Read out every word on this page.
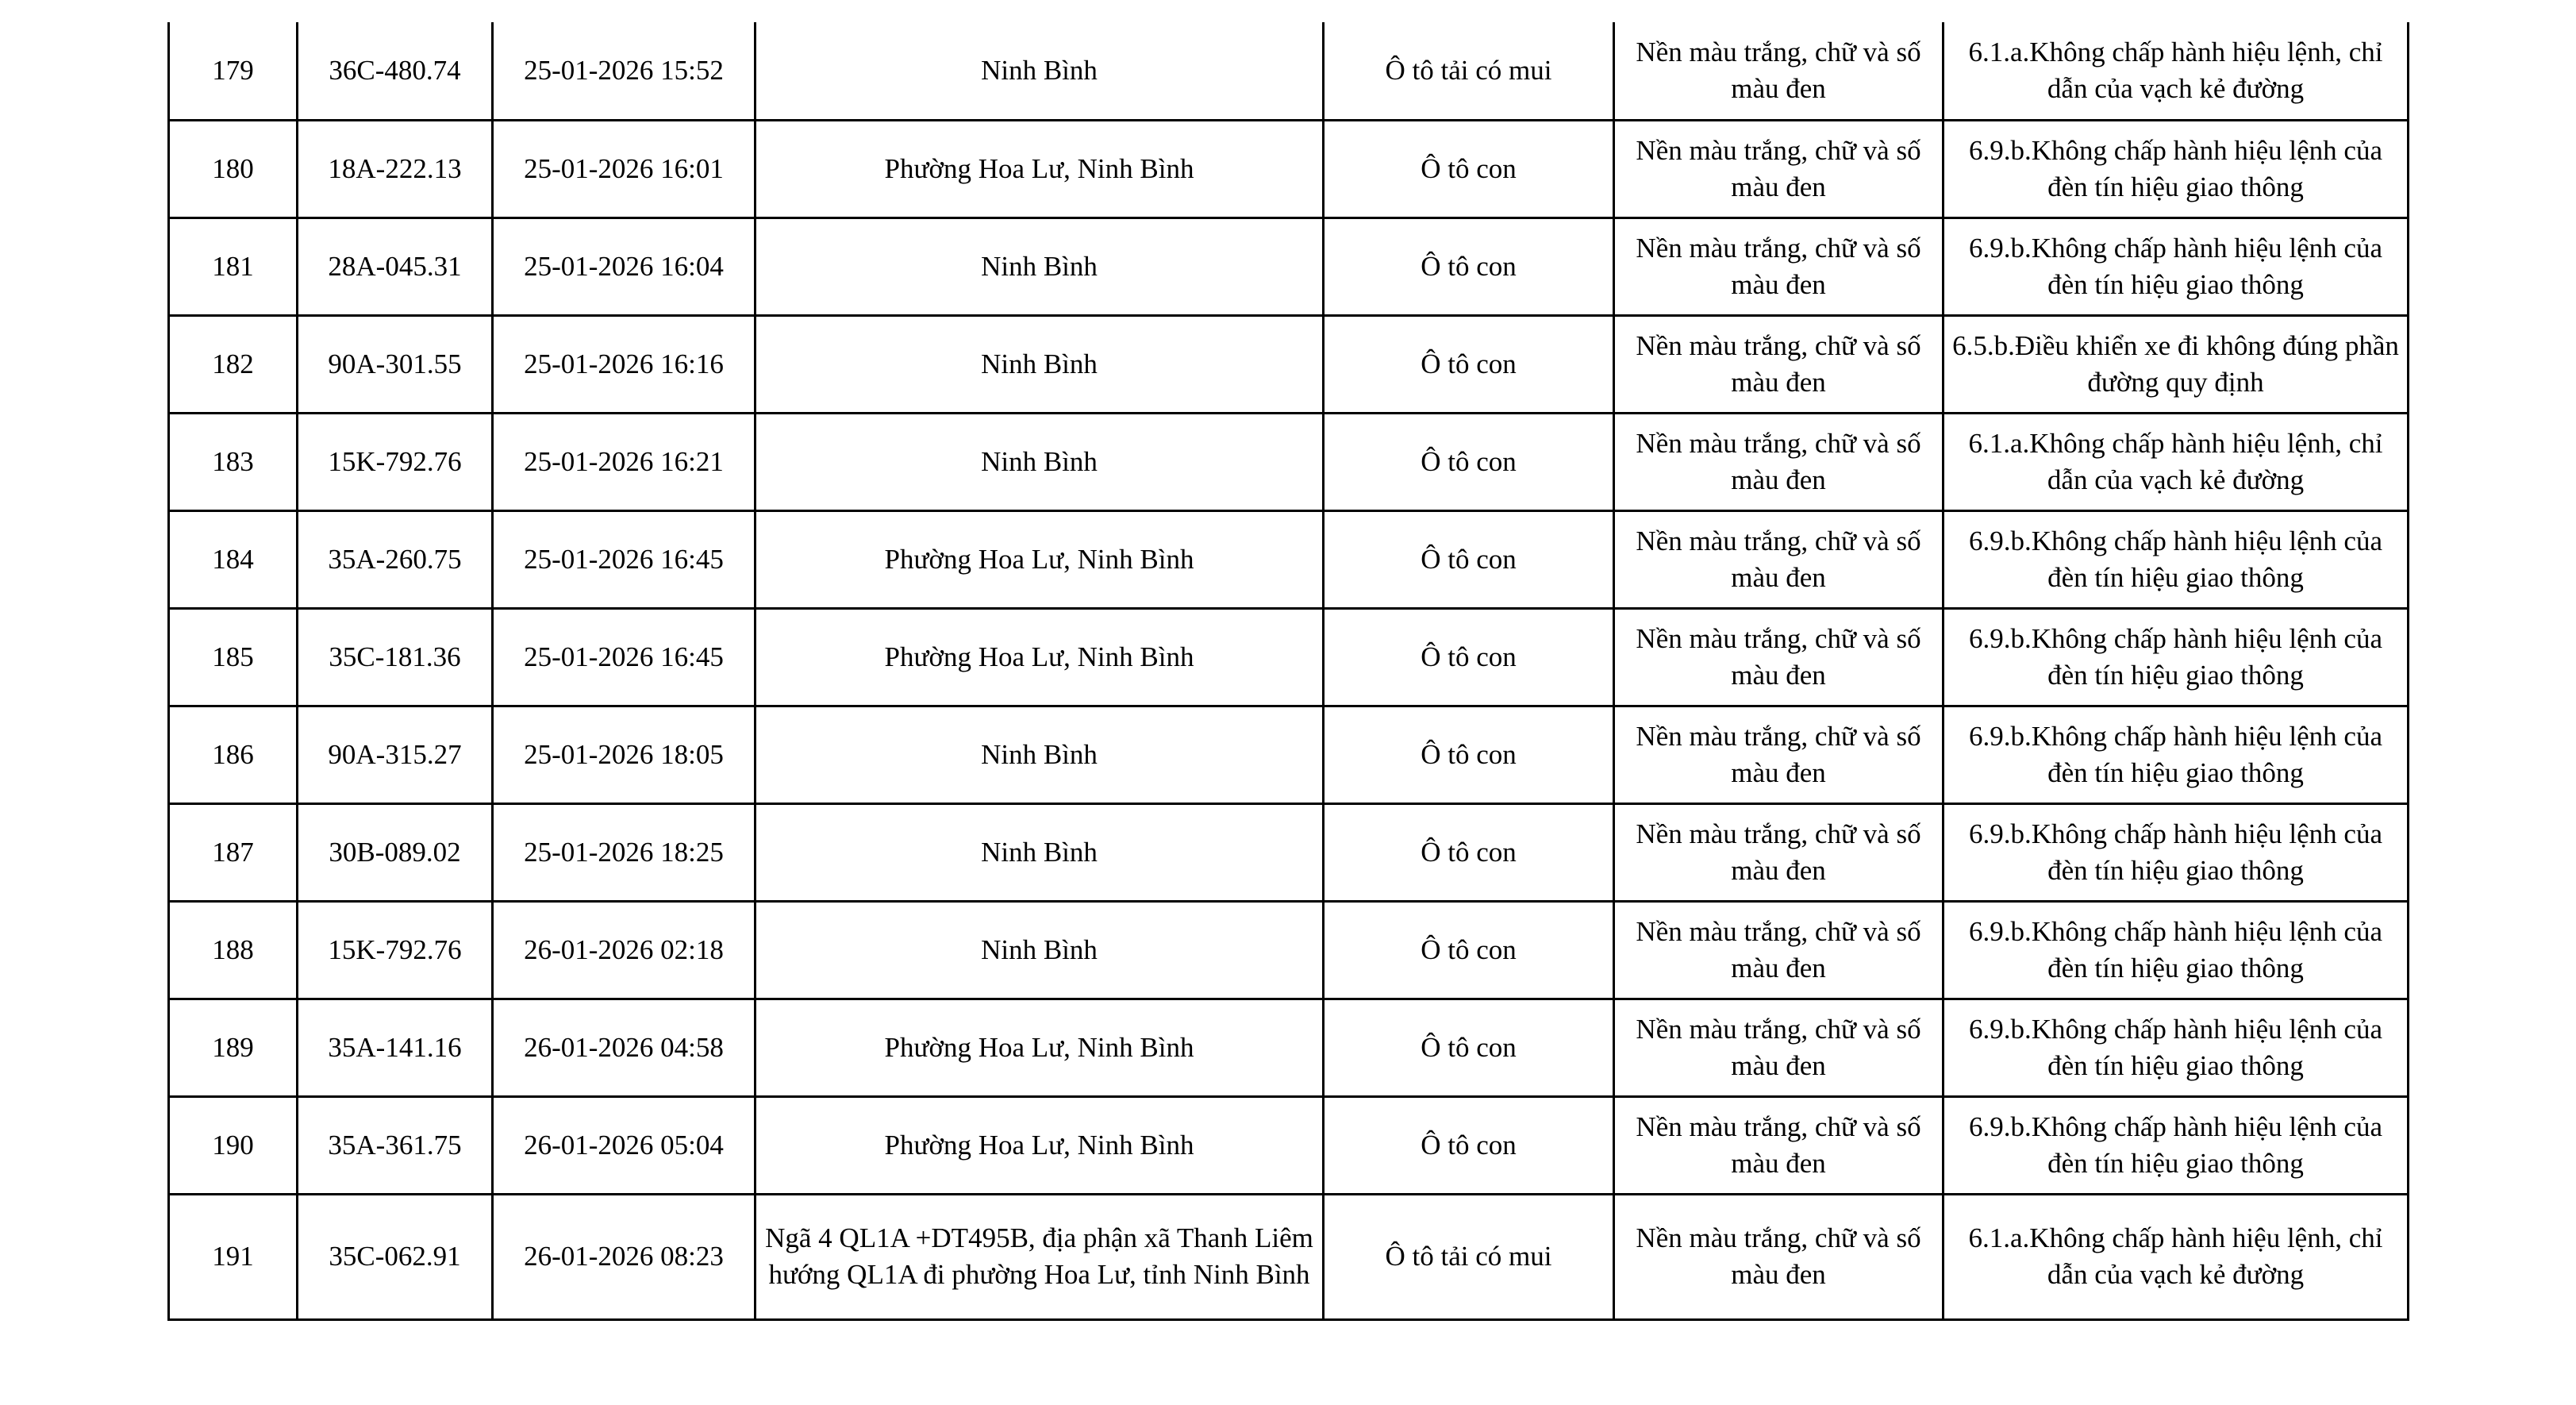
179	36C-480.74	25-01-2026 15:52	Ninh Bình	Ô tô tải có mui	Nền màu trắng, chữ và số màu đen	6.1.a.Không chấp hành hiệu lệnh, chỉ dẫn của vạch kẻ đường
180	18A-222.13	25-01-2026 16:01	Phường Hoa Lư, Ninh Bình	Ô tô con	Nền màu trắng, chữ và số màu đen	6.9.b.Không chấp hành hiệu lệnh của đèn tín hiệu giao thông
181	28A-045.31	25-01-2026 16:04	Ninh Bình	Ô tô con	Nền màu trắng, chữ và số màu đen	6.9.b.Không chấp hành hiệu lệnh của đèn tín hiệu giao thông
182	90A-301.55	25-01-2026 16:16	Ninh Bình	Ô tô con	Nền màu trắng, chữ và số màu đen	6.5.b.Điều khiển xe đi không đúng phần đường quy định
183	15K-792.76	25-01-2026 16:21	Ninh Bình	Ô tô con	Nền màu trắng, chữ và số màu đen	6.1.a.Không chấp hành hiệu lệnh, chỉ dẫn của vạch kẻ đường
184	35A-260.75	25-01-2026 16:45	Phường Hoa Lư, Ninh Bình	Ô tô con	Nền màu trắng, chữ và số màu đen	6.9.b.Không chấp hành hiệu lệnh của đèn tín hiệu giao thông
185	35C-181.36	25-01-2026 16:45	Phường Hoa Lư, Ninh Bình	Ô tô con	Nền màu trắng, chữ và số màu đen	6.9.b.Không chấp hành hiệu lệnh của đèn tín hiệu giao thông
186	90A-315.27	25-01-2026 18:05	Ninh Bình	Ô tô con	Nền màu trắng, chữ và số màu đen	6.9.b.Không chấp hành hiệu lệnh của đèn tín hiệu giao thông
187	30B-089.02	25-01-2026 18:25	Ninh Bình	Ô tô con	Nền màu trắng, chữ và số màu đen	6.9.b.Không chấp hành hiệu lệnh của đèn tín hiệu giao thông
188	15K-792.76	26-01-2026 02:18	Ninh Bình	Ô tô con	Nền màu trắng, chữ và số màu đen	6.9.b.Không chấp hành hiệu lệnh của đèn tín hiệu giao thông
189	35A-141.16	26-01-2026 04:58	Phường Hoa Lư, Ninh Bình	Ô tô con	Nền màu trắng, chữ và số màu đen	6.9.b.Không chấp hành hiệu lệnh của đèn tín hiệu giao thông
190	35A-361.75	26-01-2026 05:04	Phường Hoa Lư, Ninh Bình	Ô tô con	Nền màu trắng, chữ và số màu đen	6.9.b.Không chấp hành hiệu lệnh của đèn tín hiệu giao thông
191	35C-062.91	26-01-2026 08:23	Ngã 4 QL1A +DT495B, địa phận xã Thanh Liêm hướng QL1A đi phường Hoa Lư, tỉnh Ninh Bình	Ô tô tải có mui	Nền màu trắng, chữ và số màu đen	6.1.a.Không chấp hành hiệu lệnh, chỉ dẫn của vạch kẻ đường
